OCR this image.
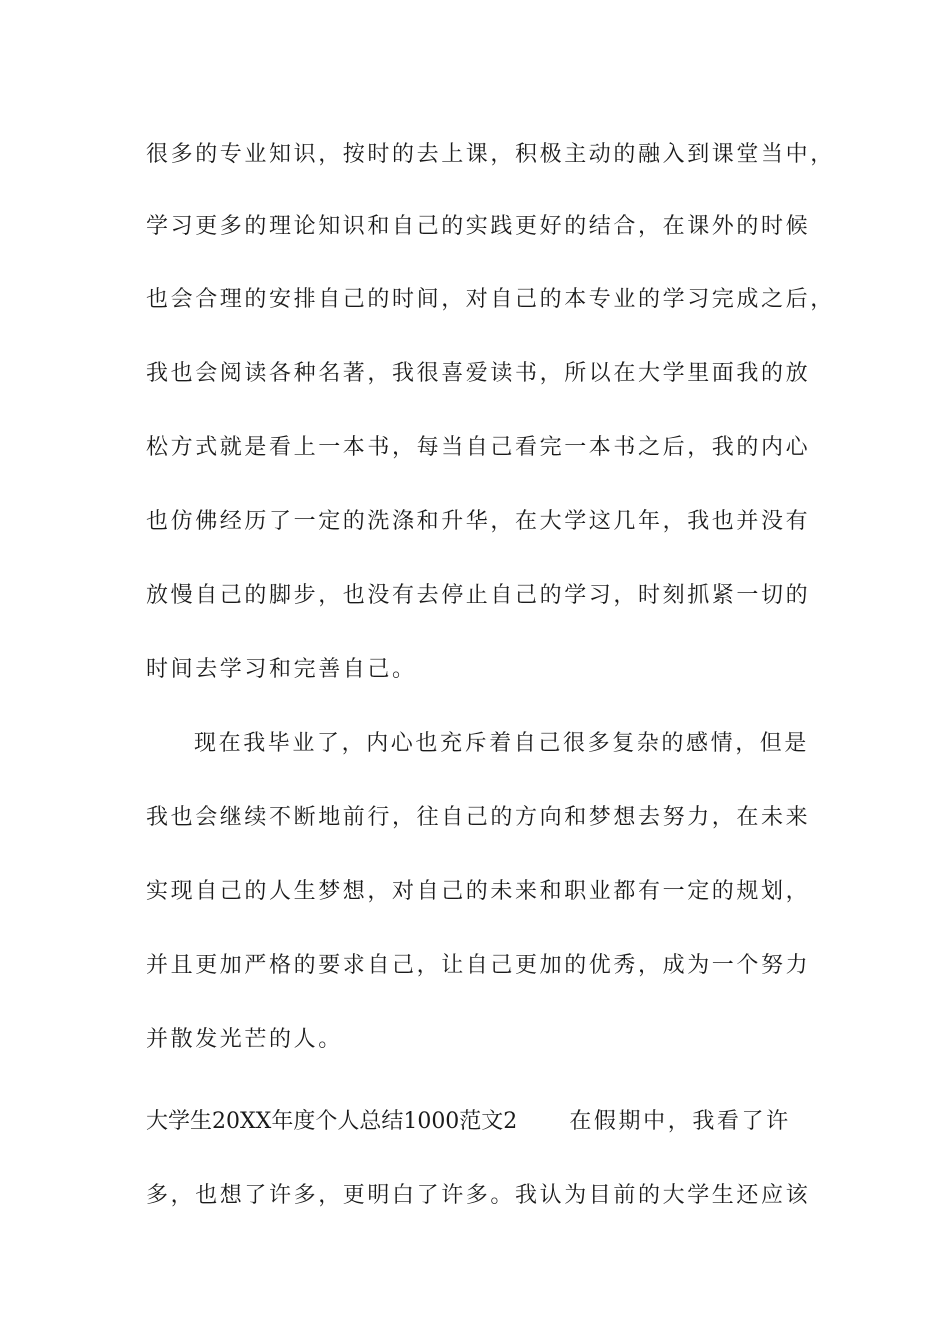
很多的专业知识，按时的去上课，积极主动的融入到课堂当中，
学习更多的理论知识和自己的实践更好的结合，在课外的时候
也会合理的安排自己的时间，对自己的本专业的学习完成之后，
我也会阅读各种名著，我很喜爱读书，所以在大学里面我的放
松方式就是看上一本书，每当自己看完一本书之后，我的内心
也仿佛经历了一定的洗涤和升华，在大学这几年，我也并没有
放慢自己的脚步，也没有去停止自己的学习，时刻抓紧一切的
时间去学习和完善自己。
现在我毕业了，内心也充斥着自己很多复杂的感情，但是
我也会继续不断地前行，往自己的方向和梦想去努力，在未来
实现自己的人生梦想，对自己的未来和职业都有一定的规划，
并且更加严格的要求自己，让自己更加的优秀，成为一个努力
并散发光芒的人。
大学生20XX年度个人总结1000范文2 在假期中，我看了许
多，也想了许多，更明白了许多。我认为目前的大学生还应该
